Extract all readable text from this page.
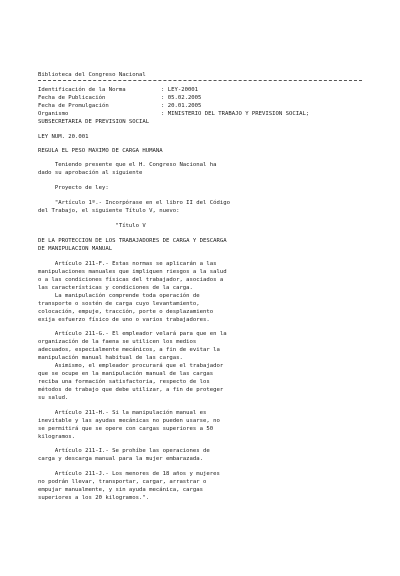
Biblioteca del Congreso Nacional
Identificación de la Norma	: LEY-20001
Fecha de Publicación	: 05.02.2005
Fecha de Promulgación	: 20.01.2005
Organismo	: MINISTERIO DEL TRABAJO Y PREVISION SOCIAL;
SUBSECRETARIA DE PREVISION SOCIAL
LEY NUM. 20.001
REGULA EL PESO MAXIMO DE CARGA HUMANA
Teniendo presente que el H. Congreso Nacional ha
dado su aprobación al siguiente
Proyecto de ley:
"Artículo 1º.- Incorpórase en el libro II del Código
del Trabajo, el siguiente Título V, nuevo:
"Título V
DE LA PROTECCION DE LOS TRABAJADORES DE CARGA Y DESCARGA
DE MANIPULACION MANUAL
Artículo 211-F.- Estas normas se aplicarán a las
manipulaciones manuales que impliquen riesgos a la salud
o a las condiciones físicas del trabajador, asociados a
las características y condiciones de la carga.
La manipulación comprende toda operación de
transporte o sostén de carga cuyo levantamiento,
colocación, empuje, tracción, porte o desplazamiento
exija esfuerzo físico de uno o varios trabajadores.
Artículo 211-G.- El empleador velará para que en la
organización de la faena se utilicen los medios
adecuados, especialmente mecánicos, a fin de evitar la
manipulación manual habitual de las cargas.
Asimismo, el empleador procurará que el trabajador
que se ocupe en la manipulación manual de las cargas
reciba una formación satisfactoria, respecto de los
métodos de trabajo que debe utilizar, a fin de proteger
su salud.
Artículo 211-H.- Si la manipulación manual es
inevitable y las ayudas mecánicas no pueden usarse, no
se permitirá que se opere con cargas superiores a 50
kilogramos.
Artículo 211-I.- Se prohíbe las operaciones de
carga y descarga manual para la mujer embarazada.
Artículo 211-J.- Los menores de 18 años y mujeres
no podrán llevar, transportar, cargar, arrastrar o
empujar manualmente, y sin ayuda mecánica, cargas
superiores a los 20 kilogramos.".
